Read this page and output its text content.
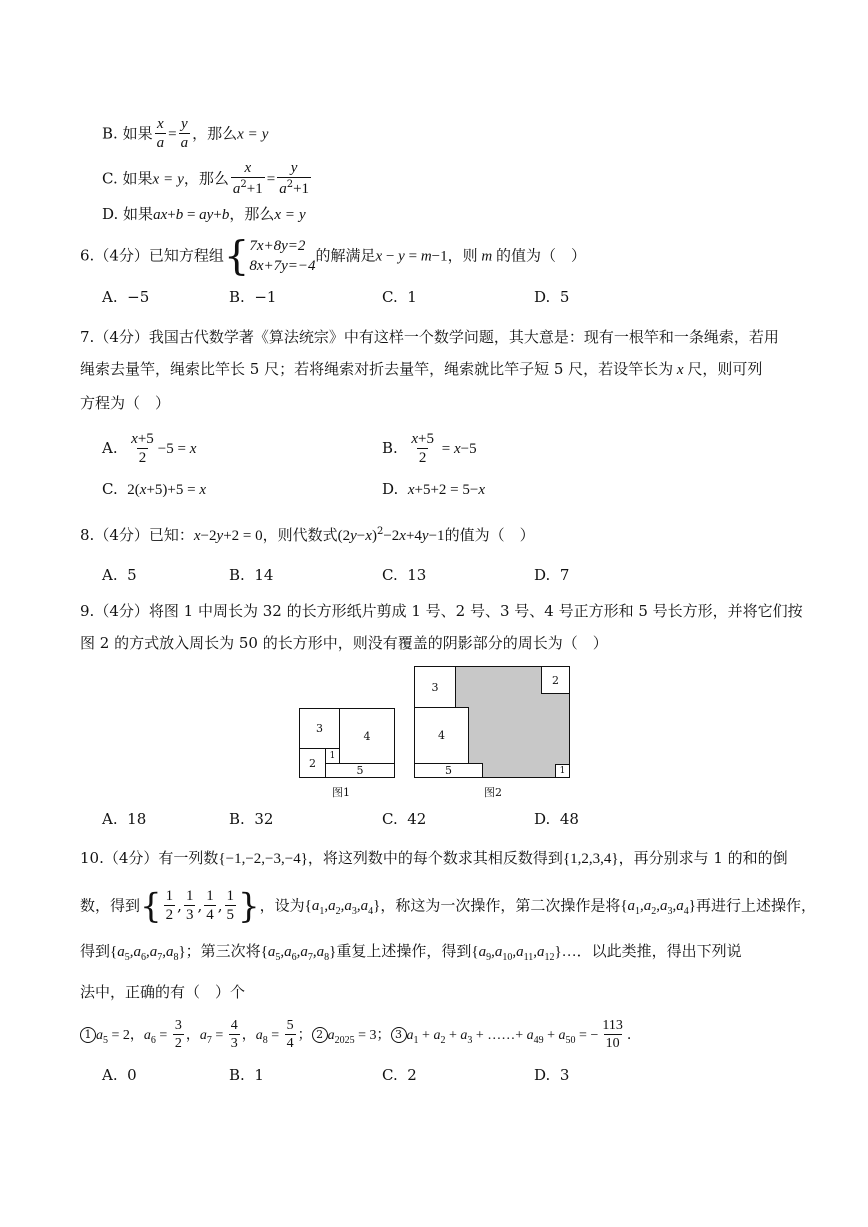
B. 如果 $\frac{x}{a} = \frac{y}{a}$ ，那么x = y
C. 如果x = y，那么 $\frac{x}{a^2+1} = \frac{y}{a^2+1}$
D. 如果ax+b = ay+b，那么x = y
6.（4分）已知方程组{ 7x+8y=2
8x+7y=−4
的解满足x − y = m−1，则 m 的值为（　）
A. −5	B. −1	C. 1	D. 5
7.（4分）我国古代数学著《算法统宗》中有这样一个数学问题，其大意是：现有一根竿和一条绳索，若用
绳索去量竿，绳索比竿长 5 尺；若将绳索对折去量竿，绳索就比竿子短 5 尺，若设竿长为 x 尺，则可列
方程为（　）
A. $\frac{x+5}{2} -5 = x$	B. $\frac{x+5}{2} = x-5$
C. 2(x+5)+5 = x	D. x+5+2 = 5−x
8.（4分）已知：x−2y+2 = 0，则代数式$(2y-x)^2-2x+4y-1$的值为（　）
A. 5	B. 14	C. 13	D. 7
9.（4分）将图 1 中周长为 32 的长方形纸片剪成 1 号、2 号、3 号、4 号正方形和 5 号长方形，并将它们按
图 2 的方式放入周长为 50 的长方形中，则没有覆盖的阴影部分的周长为（　）
3
4
1
2
5
图1
3
2
4
5	1
图2
A. 18	B. 32	C. 42	D. 48
10.（4分）有一列数{−1,−2,−3,−4}，将这列数中的每个数求其相反数得到{1,2,3,4}，再分别求与 1 的和的倒
数，得到{ $\frac{1}{2}$ , $\frac{1}{3}$ , $\frac{1}{4}$ , $\frac{1}{5}$ }，设为$\{a_1,a_2,a_3,a_4\}$，称这为一次操作，第二次操作是将$\{a_1,a_2,a_3,a_4\}$再进行上述操作，
得到$\{a_5,a_6,a_7,a_8\}$；第三次将$\{a_5,a_6,a_7,a_8\}$重复上述操作，得到$\{a_9,a_{10},a_{11},a_{12}\}\dots$．以此类推，得出下列说
法中，正确的有（　）个
1 $a_5 = 2$，$a_6 = \frac{3}{2}$ ，$a_7 = \frac{4}{3}$ ，$a_8 = \frac{5}{4}$ ； 2 $a_{2025} = 3$； 3 $a_1 + a_2 + a_3$ + ……+ $a_{49} + a_{50}$ = − $\frac{113}{10}$ .
A. 0	B. 1	C. 2	D. 3
